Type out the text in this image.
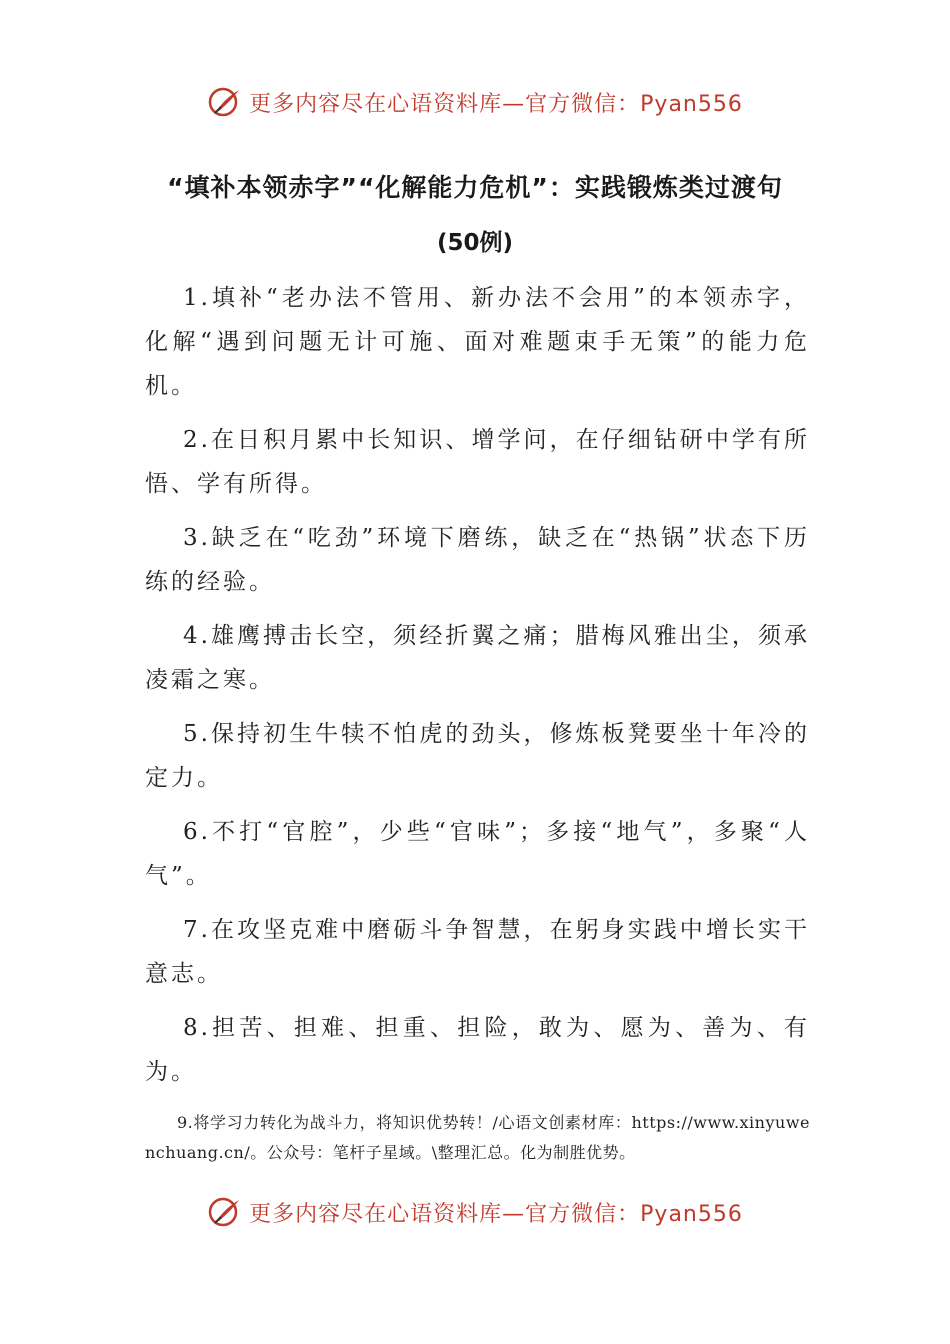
更多内容尽在心语资料库—官方微信：Pyan556
“填补本领赤字”“化解能力危机”：实践锻炼类过渡句
(50例)

1.填补“老办法不管用、新办法不会用”的本领赤字，化解“遇到问题无计可施、面对难题束手无策”的能力危机。

2.在日积月累中长知识、增学问，在仔细钻研中学有所悟、学有所得。

3.缺乏在“吃劲”环境下磨练，缺乏在“热锅”状态下历练的经验。

4.雄鹰搏击长空，须经折翼之痛；腊梅风雅出尘，须承凌霜之寒。

5.保持初生牛犊不怕虎的劲头，修炼板凳要坐十年冷的定力。

6.不打“官腔”，少些“官味”；多接“地气”，多聚“人气”。

7.在攻坚克难中磨砺斗争智慧，在躬身实践中增长实干意志。

8.担苦、担难、担重、担险，敢为、愿为、善为、有为。

9.将学习力转化为战斗力，将知识优势转！/心语文创素材库：https://www.xinyuwenchuang.cn/。公众号：笔杆子星域。\整理汇总。化为制胜优势。

更多内容尽在心语资料库—官方微信：Pyan556
